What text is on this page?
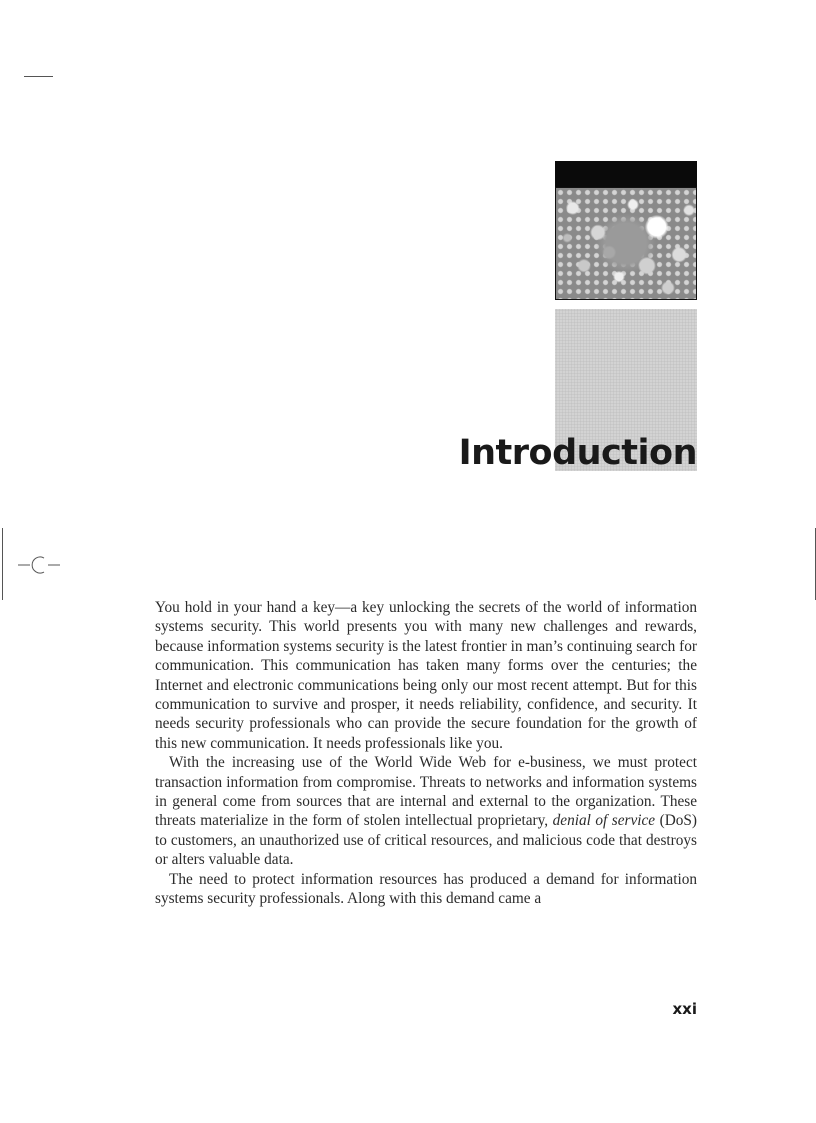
Introduction

You hold in your hand a key—a key unlocking the secrets of the world of information systems security. This world presents you with many new challenges and rewards, because information systems security is the latest frontier in man’s continuing search for communication. This communication has taken many forms over the centuries; the Internet and electronic communications being only our most recent attempt. But for this communication to survive and prosper, it needs reliability, confidence, and security. It needs security professionals who can provide the secure foundation for the growth of this new communication. It needs professionals like you.

With the increasing use of the World Wide Web for e-business, we must protect transaction information from compromise. Threats to networks and information systems in general come from sources that are internal and external to the organization. These threats materialize in the form of stolen intellectual proprietary, denial of service (DoS) to customers, an unauthorized use of critical resources, and malicious code that destroys or alters valuable data.

The need to protect information resources has produced a demand for information systems security professionals. Along with this demand came a

xxi
